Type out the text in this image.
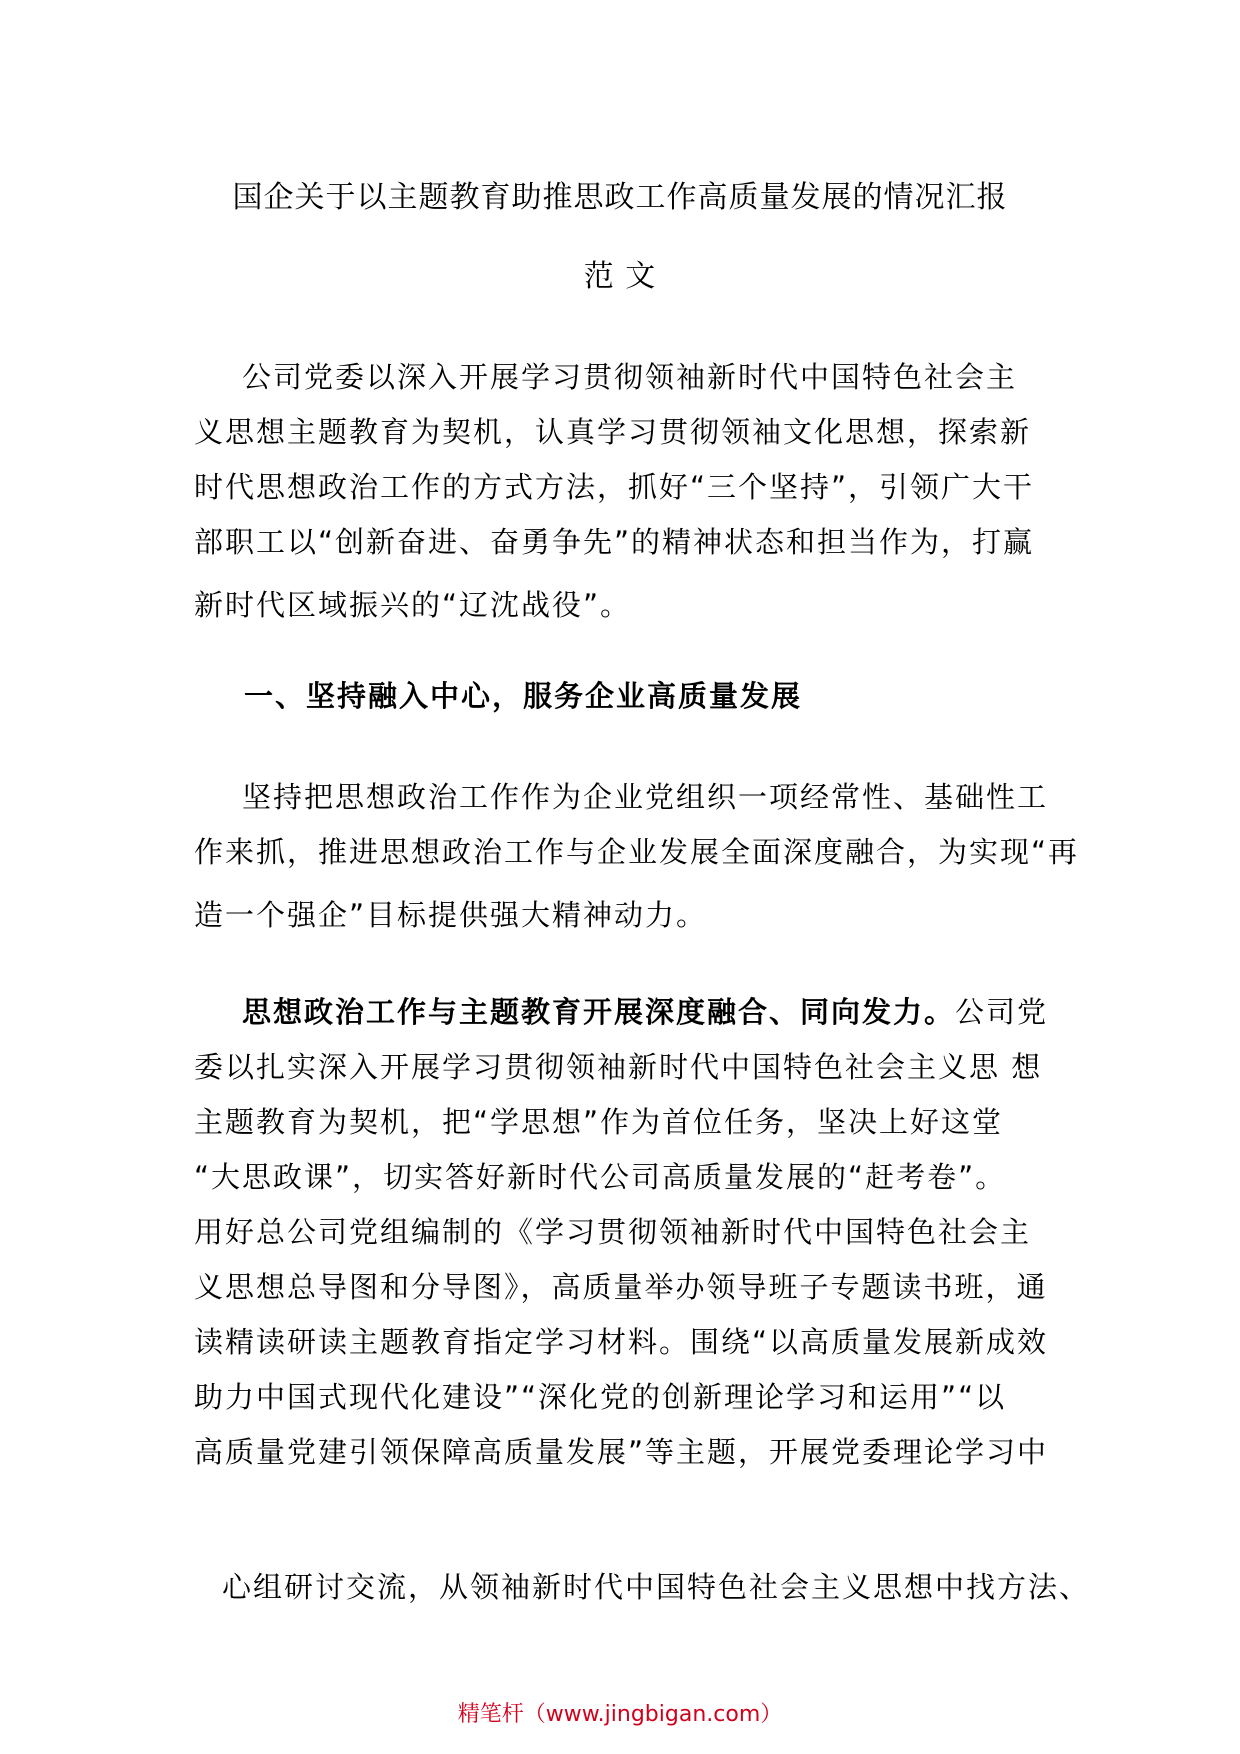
国企关于以主题教育助推思政工作高质量发展的情况汇报
范 文
公司党委以深入开展学习贯彻领袖新时代中国特色社会主
义思想主题教育为契机，认真学习贯彻领袖文化思想，探索新
时代思想政治工作的方式方法，抓好“三个坚持”，引领广大干
部职工以“创新奋进、奋勇争先”的精神状态和担当作为，打赢
新时代区域振兴的“辽沈战役”。
一、坚持融入中心，服务企业高质量发展
坚持把思想政治工作作为企业党组织一项经常性、基础性工
作来抓，推进思想政治工作与企业发展全面深度融合，为实现“再
造一个强企”目标提供强大精神动力。
思想政治工作与主题教育开展深度融合、同向发力。公司党
委以扎实深入开展学习贯彻领袖新时代中国特色社会主义思 想
主题教育为契机，把“学思想”作为首位任务，坚决上好这堂
“大思政课”，切实答好新时代公司高质量发展的“赶考卷”。
用好总公司党组编制的《学习贯彻领袖新时代中国特色社会主
义思想总导图和分导图》，高质量举办领导班子专题读书班，通
读精读研读主题教育指定学习材料。围绕“以高质量发展新成效
助力中国式现代化建设”“深化党的创新理论学习和运用”“以
高质量党建引领保障高质量发展”等主题，开展党委理论学习中
心组研讨交流，从领袖新时代中国特色社会主义思想中找方法、
精笔杆（www.jingbigan.com）
